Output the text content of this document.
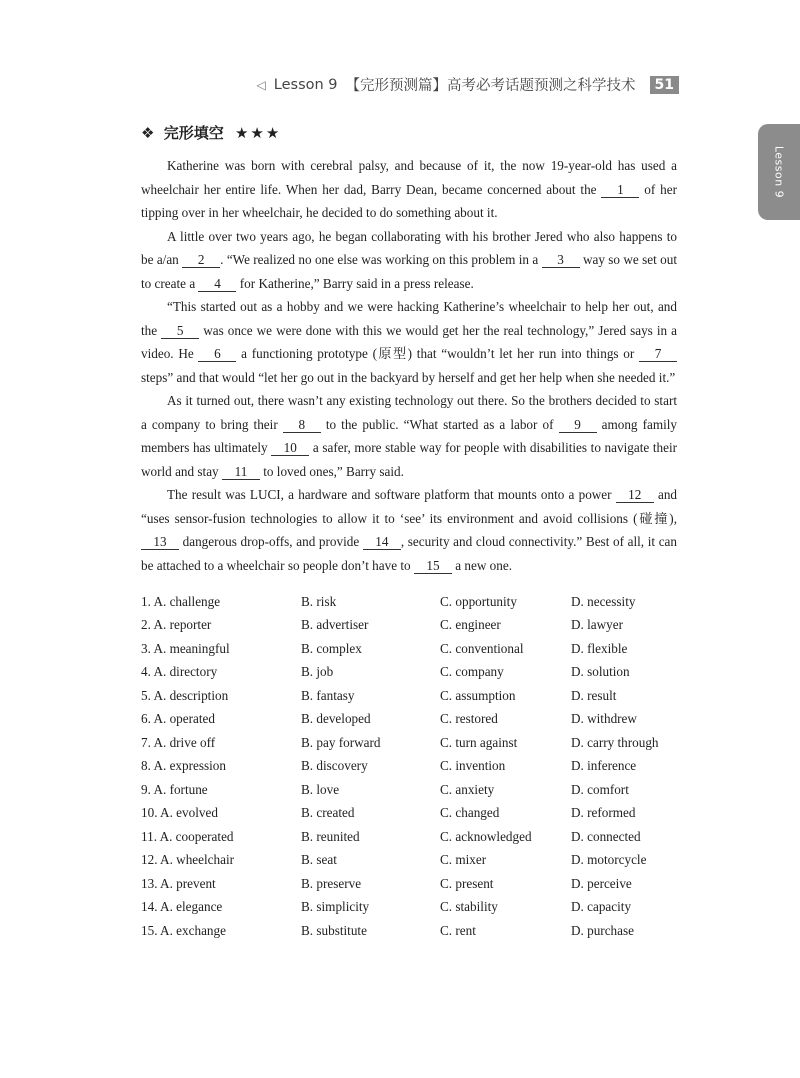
◁ Lesson 9 【完形预测篇】高考必考话题预测之科学技术	51
Lesson 9
❖ 完形填空 ★★★

Katherine was born with cerebral palsy, and because of it, the now 19-year-old has used a wheelchair her entire life. When her dad, Barry Dean, became concerned about the 1 of her tipping over in her wheelchair, he decided to do something about it.

A little over two years ago, he began collaborating with his brother Jered who also happens to be a/an 2 . “We realized no one else was working on this problem in a 3 way so we set out to create a 4 for Katherine,” Barry said in a press release.

“This started out as a hobby and we were hacking Katherine’s wheelchair to help her out, and the 5 was once we were done with this we would get her the real technology,” Jered says in a video. He 6 a functioning prototype (原型) that “wouldn’t let her run into things or 7 steps” and that would “let her go out in the backyard by herself and get her help when she needed it.”

As it turned out, there wasn’t any existing technology out there. So the brothers decided to start a company to bring their 8 to the public. “What started as a labor of 9 among family members has ultimately 10 a safer, more stable way for people with disabilities to navigate their world and stay 11 to loved ones,” Barry said.

The result was LUCI, a hardware and software platform that mounts onto a power 12 and “uses sensor-fusion technologies to allow it to ‘see’ its environment and avoid collisions (碰撞), 13 dangerous drop-offs, and provide 14 , security and cloud connectivity.” Best of all, it can be attached to a wheelchair so people don’t have to 15 a new one.

1. A. challenge	B. risk	C. opportunity	D. necessity
2. A. reporter	B. advertiser	C. engineer	D. lawyer
3. A. meaningful	B. complex	C. conventional	D. flexible
4. A. directory	B. job	C. company	D. solution
5. A. description	B. fantasy	C. assumption	D. result
6. A. operated	B. developed	C. restored	D. withdrew
7. A. drive off	B. pay forward	C. turn against	D. carry through
8. A. expression	B. discovery	C. invention	D. inference
9. A. fortune	B. love	C. anxiety	D. comfort
10. A. evolved	B. created	C. changed	D. reformed
11. A. cooperated	B. reunited	C. acknowledged	D. connected
12. A. wheelchair	B. seat	C. mixer	D. motorcycle
13. A. prevent	B. preserve	C. present	D. perceive
14. A. elegance	B. simplicity	C. stability	D. capacity
15. A. exchange	B. substitute	C. rent	D. purchase
